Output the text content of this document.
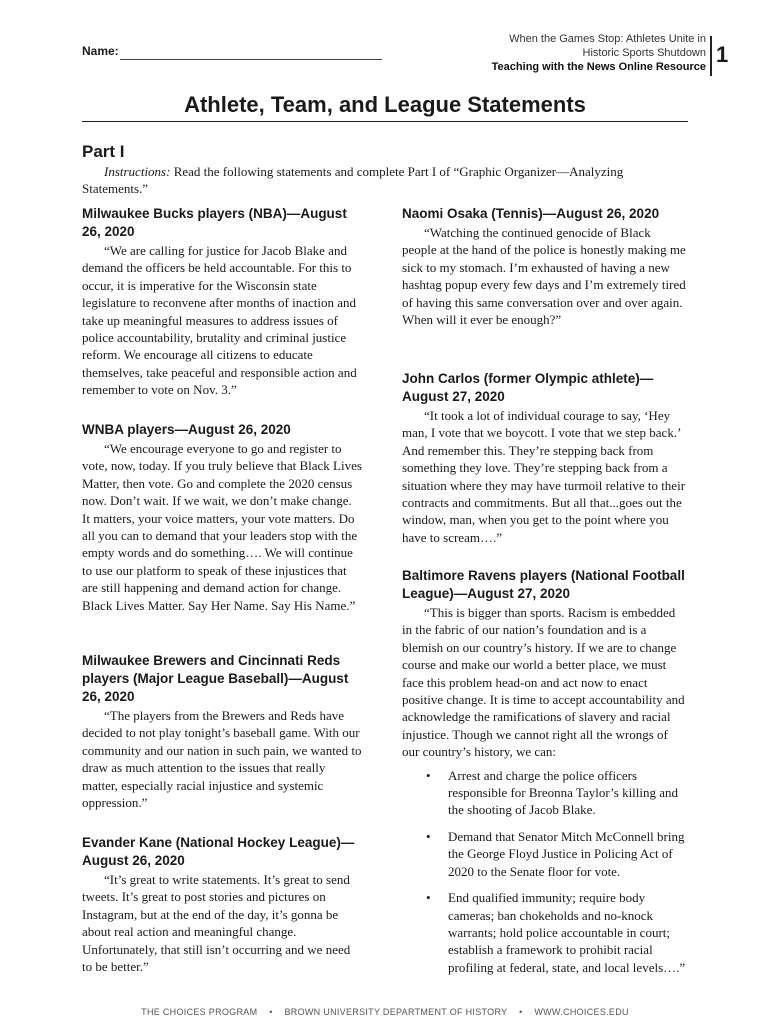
Name:
When the Games Stop: Athletes Unite in
Historic Sports Shutdown
Teaching with the News Online Resource 1
Athlete, Team, and League Statements
Part I
Instructions: Read the following statements and complete Part I of “Graphic Organizer—Analyzing Statements.”
Milwaukee Bucks players (NBA)—August 26, 2020

“We are calling for justice for Jacob Blake and demand the officers be held accountable. For this to occur, it is imperative for the Wisconsin state legislature to reconvene after months of inaction and take up meaningful measures to address issues of police accountability, brutality and criminal justice reform. We encourage all citizens to educate themselves, take peaceful and responsible action and remember to vote on Nov. 3.”

WNBA players—August 26, 2020

“We encourage everyone to go and register to vote, now, today. If you truly believe that Black Lives Matter, then vote. Go and complete the 2020 census now. Don’t wait. If we wait, we don’t make change. It matters, your voice matters, your vote matters. Do all you can to demand that your leaders stop with the empty words and do something…. We will continue to use our platform to speak of these injustices that are still happening and demand action for change. Black Lives Matter. Say Her Name. Say His Name.”

Milwaukee Brewers and Cincinnati Reds players (Major League Baseball)—August 26, 2020

“The players from the Brewers and Reds have decided to not play tonight’s baseball game. With our community and our nation in such pain, we wanted to draw as much attention to the issues that really matter, especially racial injustice and systemic oppression.”

Evander Kane (National Hockey League)—August 26, 2020

“It’s great to write statements. It’s great to send tweets. It’s great to post stories and pictures on Instagram, but at the end of the day, it’s gonna be about real action and meaningful change. Unfortunately, that still isn’t occurring and we need to be better.”

Naomi Osaka (Tennis)—August 26, 2020

“Watching the continued genocide of Black people at the hand of the police is honestly making me sick to my stomach. I’m exhausted of having a new hashtag popup every few days and I’m extremely tired of having this same conversation over and over again. When will it ever be enough?”

John Carlos (former Olympic athlete)—August 27, 2020

“It took a lot of individual courage to say, ‘Hey man, I vote that we boycott. I vote that we step back.’ And remember this. They’re stepping back from something they love. They’re stepping back from a situation where they may have turmoil relative to their contracts and commitments. But all that...goes out the window, man, when you get to the point where you have to scream….”

Baltimore Ravens players (National Football League)—August 27, 2020

“This is bigger than sports. Racism is embedded in the fabric of our nation’s foundation and is a blemish on our country’s history. If we are to change course and make our world a better place, we must face this problem head-on and act now to enact positive change. It is time to accept accountability and acknowledge the ramifications of slavery and racial injustice. Though we cannot right all the wrongs of our country’s history, we can:

• Arrest and charge the police officers responsible for Breonna Taylor’s killing and the shooting of Jacob Blake.
• Demand that Senator Mitch McConnell bring the George Floyd Justice in Policing Act of 2020 to the Senate floor for vote.
• End qualified immunity; require body cameras; ban chokeholds and no-knock warrants; hold police accountable in court; establish a framework to prohibit racial profiling at federal, state, and local levels….”
THE CHOICES PROGRAM • BROWN UNIVERSITY DEPARTMENT OF HISTORY • WWW.CHOICES.EDU
